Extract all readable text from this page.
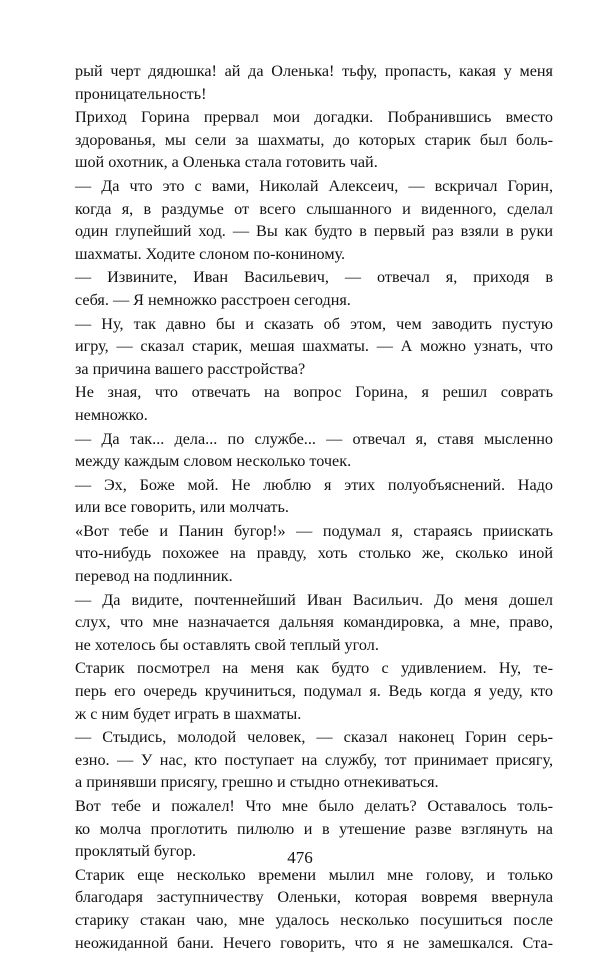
рый черт дядюшка! ай да Оленька! тьфу, пропасть, какая у меня
проницательность!
Приход Горина прервал мои догадки. Побранившись вместо
здорованья, мы сели за шахматы, до которых старик был боль-
шой охотник, а Оленька стала готовить чай.
— Да что это с вами, Николай Алексеич, — вскричал Горин,
когда я, в раздумье от всего слышанного и виденного, сделал
один глупейший ход. — Вы как будто в первый раз взяли в руки
шахматы. Ходите слоном по-кониному.
— Извините, Иван Васильевич, — отвечал я, приходя в
себя. — Я немножко расстроен сегодня.
— Ну, так давно бы и сказать об этом, чем заводить пустую
игру, — сказал старик, мешая шахматы. — А можно узнать, что
за причина вашего расстройства?
Не зная, что отвечать на вопрос Горина, я решил соврать
немножко.
— Да так... дела... по службе... — отвечал я, ставя мысленно
между каждым словом несколько точек.
— Эх, Боже мой. Не люблю я этих полуобъяснений. Надо
или все говорить, или молчать.
«Вот тебе и Панин бугор!» — подумал я, стараясь приискать
что-нибудь похожее на правду, хоть столько же, сколько иной
перевод на подлинник.
— Да видите, почтеннейший Иван Васильич. До меня дошел
слух, что мне назначается дальняя командировка, а мне, право,
не хотелось бы оставлять свой теплый угол.
Старик посмотрел на меня как будто с удивлением. Ну, те-
перь его очередь кручиниться, подумал я. Ведь когда я уеду, кто
ж с ним будет играть в шахматы.
— Стыдись, молодой человек, — сказал наконец Горин серь-
езно. — У нас, кто поступает на службу, тот принимает присягу,
а принявши присягу, грешно и стыдно отнекиваться.
Вот тебе и пожалел! Что мне было делать? Оставалось толь-
ко молча проглотить пилюлю и в утешение разве взглянуть на
проклятый бугор.
Старик еще несколько времени мылил мне голову, и только
благодаря заступничеству Оленьки, которая вовремя ввернула
старику стакан чаю, мне удалось несколько посушиться после
неожиданной бани. Нечего говорить, что я не замешкался. Ста-
476
